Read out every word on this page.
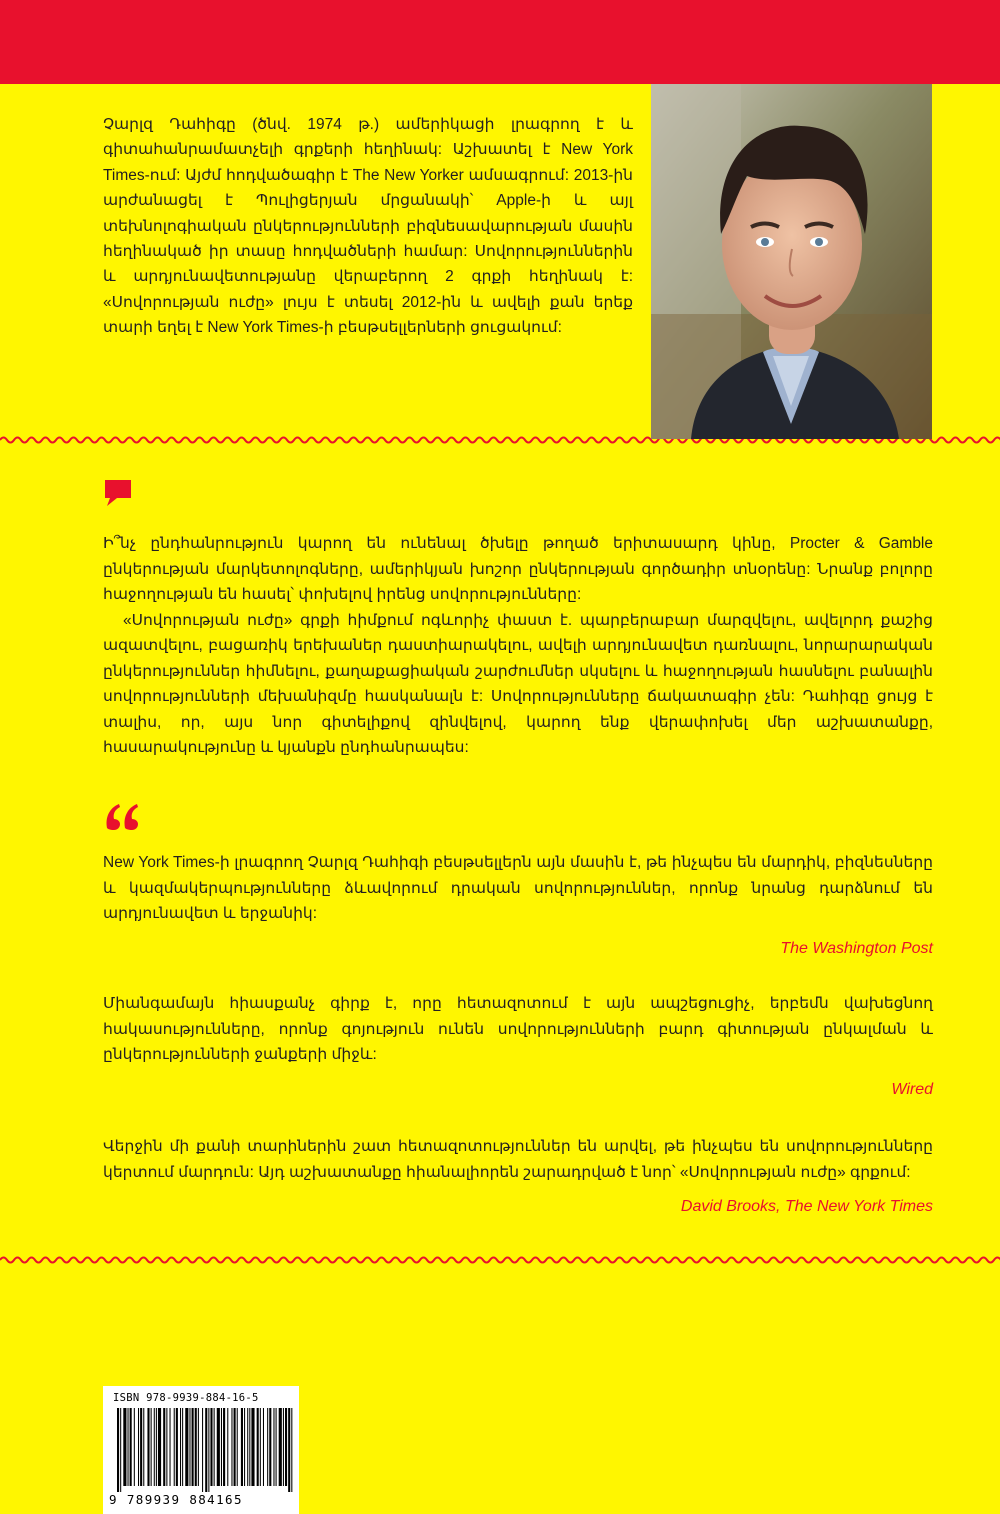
Չարլզ Դահիգը (ծնվ. 1974 թ.) ամերիկացի լրագրող է և գիտահանրամատչելի գրքերի հեղինակ: Աշխատել է New York Times-ում: Այժմ հոդվածագիր է The New Yorker ամսագրում: 2013-ին արժանացել է Պուլիցերյան մրցանակի՝ Apple-ի և այլ տեխնոլոգիական ընկերությունների բիզնեսավարության մասին հեղինակած իր տասը հոդվածների համար: Սովորություններին և արդյունավետությանը վերաբերող 2 գրքի հեղինակ է: «Սովորության ուժը» լույս է տեսել 2012-ին և ավելի քան երեք տարի եղել է New York Times-ի բեսթսելլերների ցուցակում:

Ի՞նչ ընդհանրություն կարող են ունենալ ծխելը թողած երիտասարդ կինը, Procter & Gamble ընկերության մարկետոլոգները, ամերիկյան խոշոր ընկերության գործադիր տնօրենը: Նրանք բոլորը հաջողության են հասել՝ փոխելով իրենց սովորությունները:

«Սովորության ուժը» գրքի հիմքում ոգևորիչ փաստ է. պարբերաբար մարզվելու, ավելորդ քաշից ազատվելու, բացառիկ երեխաներ դաստիարակելու, ավելի արդյունավետ դառնալու, նորարարական ընկերություններ հիմնելու, քաղաքացիական շարժումներ սկսելու և հաջողության հասնելու բանալին սովորությունների մեխանիզմը հասկանալն է: Սովորությունները ճակատագիր չեն: Դահիգը ցույց է տալիս, որ, այս նոր գիտելիքով զինվելով, կարող ենք վերափոխել մեր աշխատանքը, հասարակությունը և կյանքն ընդհանրապես:

New York Times-ի լրագրող Չարլզ Դահիգի բեսթսելլերն այն մասին է, թե ինչպես են մարդիկ, բիզնեսները և կազմակերպությունները ձևավորում դրական սովորություններ, որոնք նրանց դարձնում են արդյունավետ և երջանիկ:

The Washington Post

Միանգամայն հիասքանչ գիրք է, որը հետազոտում է այն ապշեցուցիչ, երբեմն վախեցնող հակասությունները, որոնք գոյություն ունեն սովորությունների բարդ գիտության ընկալման և ընկերությունների ջանքերի միջև:

Wired

Վերջին մի քանի տարիներին շատ հետազոտություններ են արվել, թե ինչպես են սովորությունները կերտում մարդուն: Այդ աշխատանքը հիանալիորեն շարադրված է նոր՝ «Սովորության ուժը» գրքում:

David Brooks, The New York Times
ISBN 978-9939-884-16-5
9 789939 884165
